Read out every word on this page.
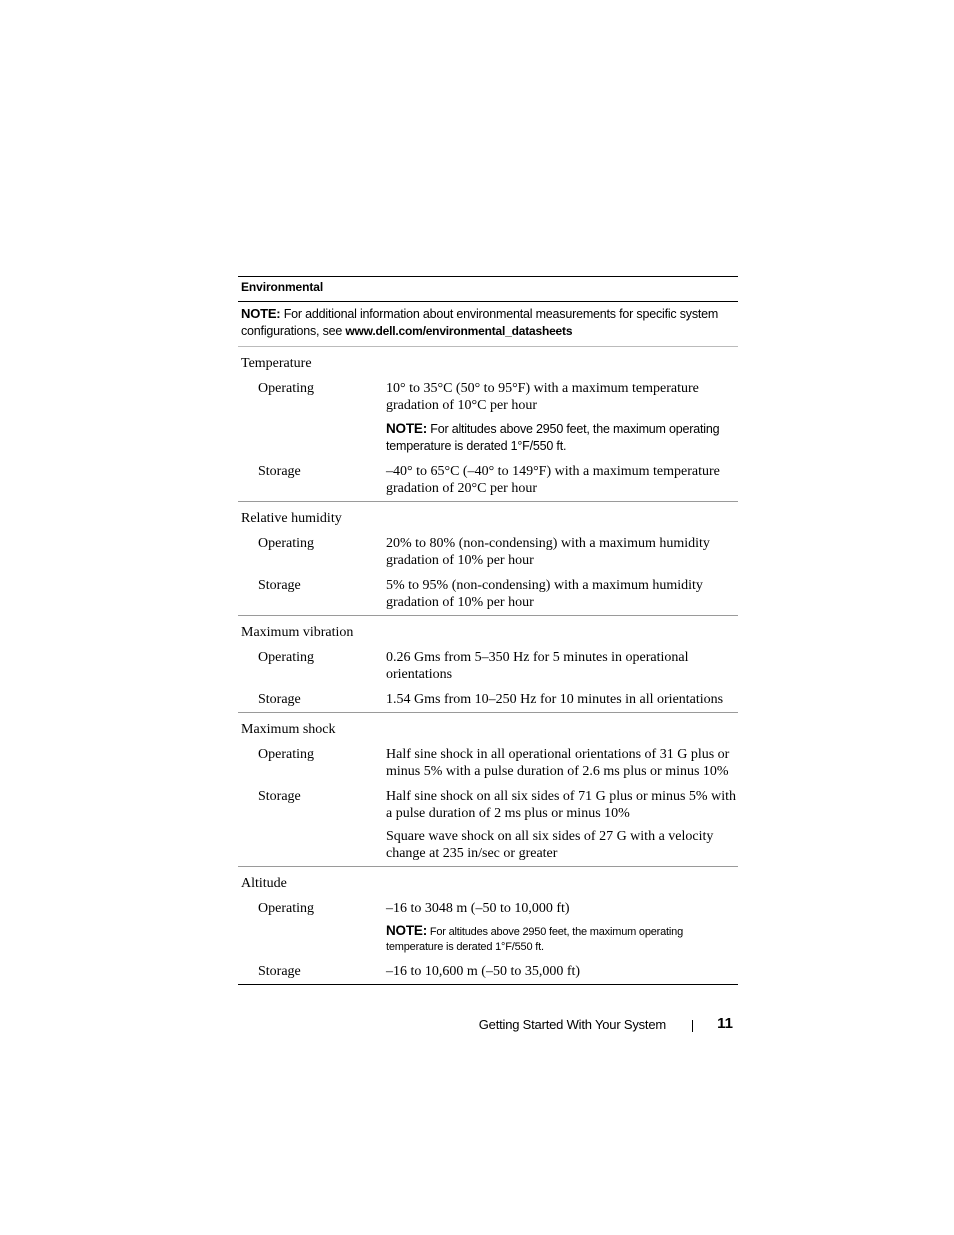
Environmental
NOTE: For additional information about environmental measurements for specific system configurations, see www.dell.com/environmental_datasheets
Temperature
Operating	10° to 35°C (50° to 95°F) with a maximum temperature gradation of 10°C per hour

NOTE: For altitudes above 2950 feet, the maximum operating temperature is derated 1°F/550 ft.
Storage	–40° to 65°C (–40° to 149°F) with a maximum temperature gradation of 20°C per hour

Relative humidity
Operating	20% to 80% (non-condensing) with a maximum humidity gradation of 10% per hour

Storage	5% to 95% (non-condensing) with a maximum humidity gradation of 10% per hour

Maximum vibration
Operating	0.26 Gms from 5–350 Hz for 5 minutes in operational orientations

Storage	1.54 Gms from 10–250 Hz for 10 minutes in all orientations

Maximum shock
Operating	Half sine shock in all operational orientations of 31 G plus or minus 5% with a pulse duration of 2.6 ms plus or minus 10%

Storage	Half sine shock on all six sides of 71 G plus or minus 5% with a pulse duration of 2 ms plus or minus 10%

Square wave shock on all six sides of 27 G with a velocity change at 235 in/sec or greater

Altitude
Operating	–16 to 3048 m (–50 to 10,000 ft)

NOTE: For altitudes above 2950 feet, the maximum operating temperature is derated 1°F/550 ft.
Storage	–16 to 10,600 m (–50 to 35,000 ft)

Getting Started With Your System	11
